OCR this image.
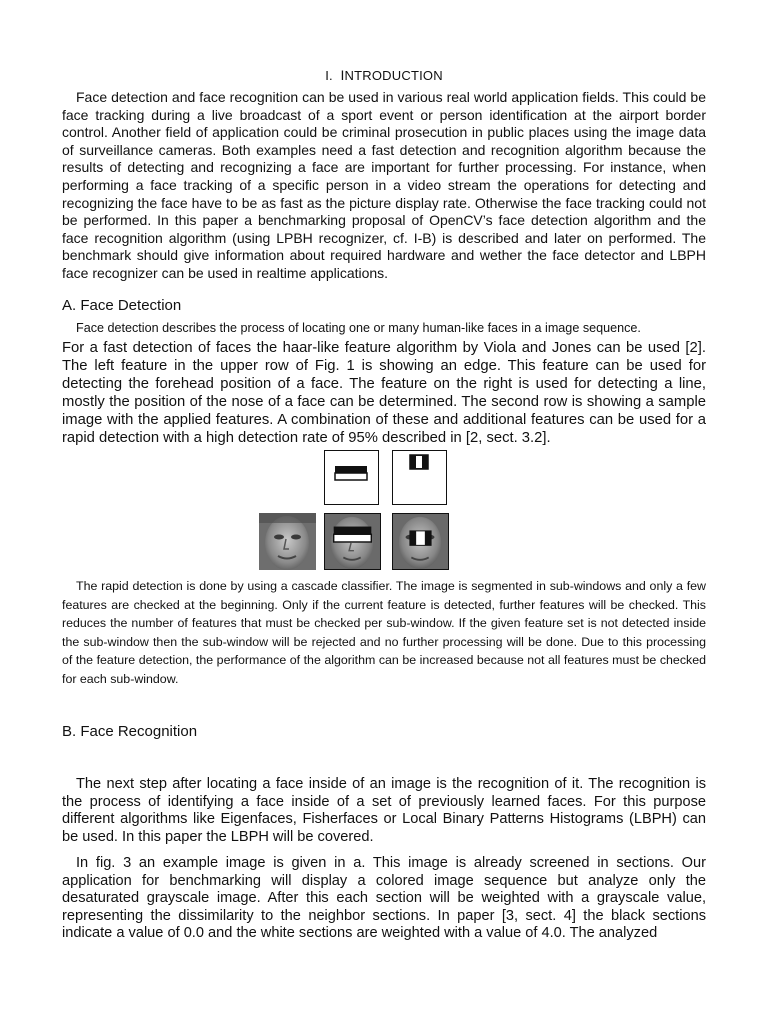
I. INTRODUCTION

Face detection and face recognition can be used in various real world application fields. This could be face tracking during a live broadcast of a sport event or person identification at the airport border control. Another field of application could be criminal prosecution in public places using the image data of surveillance cameras. Both examples need a fast detection and recognition algorithm because the results of detecting and recognizing a face are important for further processing. For instance, when performing a face tracking of a specific person in a video stream the operations for detecting and recognizing the face have to be as fast as the picture display rate. Otherwise the face tracking could not be performed. In this paper a benchmarking proposal of OpenCV’s face detection algorithm and the face recognition algorithm (using LPBH recognizer, cf. I-B) is described and later on performed. The benchmark should give information about required hardware and wether the face detector and LBPH face recognizer can be used in realtime applications.

A. Face Detection

Face detection describes the process of locating one or many human-like faces in a image sequence.

For a fast detection of faces the haar-like feature algorithm by Viola and Jones can be used [2]. The left feature in the upper row of Fig. 1 is showing an edge. This feature can be used for detecting the forehead position of a face. The feature on the right is used for detecting a line, mostly the position of the nose of a face can be determined. The second row is showing a sample image with the applied features. A combination of these and additional features can be used for a rapid detection with a high detection rate of 95% described in [2, sect. 3.2].

The rapid detection is done by using a cascade classifier. The image is segmented in sub-windows and only a few features are checked at the beginning. Only if the current feature is detected, further features will be checked. This reduces the number of features that must be checked per sub-window. If the given feature set is not detected inside the sub-window then the sub-window will be rejected and no further processing will be done. Due to this processing of the feature detection, the performance of the algorithm can be increased because not all features must be checked for each sub-window.

B. Face Recognition

The next step after locating a face inside of an image is the recognition of it. The recognition is the process of identifying a face inside of a set of previously learned faces. For this purpose different algorithms like Eigenfaces, Fisherfaces or Local Binary Patterns Histograms (LBPH) can be used. In this paper the LBPH will be covered.

In fig. 3 an example image is given in a. This image is already screened in sections. Our application for benchmarking will display a colored image sequence but analyze only the desaturated grayscale image. After this each section will be weighted with a grayscale value, representing the dissimilarity to the neighbor sections. In paper [3, sect. 4] the black sections indicate a value of 0.0 and the white sections are weighted with a value of 4.0. The analyzed
